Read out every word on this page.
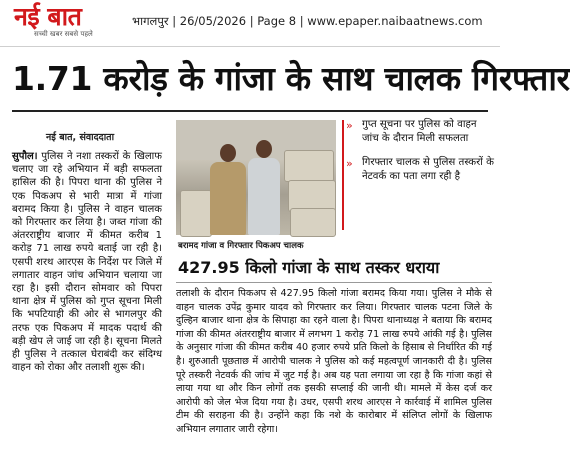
नई बात
सच्ची खबर सबसे पहले
भागलपुर | 26/05/2026 | Page 8 | www.epaper.naibaatnews.com
1.71 करोड़ के गांजा के साथ चालक गिरफ्तार
नई बात, संवाददाता
सुपौल। पुलिस ने नशा तस्करों के खिलाफ चलाए जा रहे अभियान में बड़ी सफलता हासिल की है। पिपरा थाना की पुलिस ने एक पिकअप से भारी मात्रा में गांजा बरामद किया है। पुलिस ने वाहन चालक को गिरफ्तार कर लिया है। जब्त गांजा की अंतरराष्ट्रीय बाजार में कीमत करीब 1 करोड़ 71 लाख रुपये बताई जा रही है। एसपी शरथ आरएस के निर्देश पर जिले में लगातार वाहन जांच अभियान चलाया जा रहा है। इसी दौरान सोमवार को पिपरा थाना क्षेत्र में पुलिस को गुप्त सूचना मिली कि भपटियाही की ओर से भागलपुर की तरफ एक पिकअप में मादक पदार्थ की बड़ी खेप ले जाई जा रही है। सूचना मिलते ही पुलिस ने तत्काल घेराबंदी कर संदिग्ध वाहन को रोका और तलाशी शुरू की।
बरामद गांजा व गिरफ्तार पिकअप चालक
» गुप्त सूचना पर पुलिस को वाहन जांच के दौरान मिली सफलता
» गिरफ्तार चालक से पुलिस तस्करों के नेटवर्क का पता लगा रही है
427.95 किलो गांजा के साथ तस्कर धराया
तलाशी के दौरान पिकअप से 427.95 किलो गांजा बरामद किया गया। पुलिस ने मौके से वाहन चालक उपेंद्र कुमार यादव को गिरफ्तार कर लिया। गिरफ्तार चालक पटना जिले के दुल्हिन बाजार थाना क्षेत्र के सिपाहा का रहने वाला है। पिपरा थानाध्यक्ष ने बताया कि बरामद गांजा की कीमत अंतरराष्ट्रीय बाजार में लगभग 1 करोड़ 71 लाख रुपये आंकी गई है। पुलिस के अनुसार गांजा की कीमत करीब 40 हजार रुपये प्रति किलो के हिसाब से निर्धारित की गई है। शुरुआती पूछताछ में आरोपी चालक ने पुलिस को कई महत्वपूर्ण जानकारी दी है। पुलिस पूरे तस्करी नेटवर्क की जांच में जुट गई है। अब यह पता लगाया जा रहा है कि गांजा कहां से लाया गया था और किन लोगों तक इसकी सप्लाई की जानी थी। मामले में केस दर्ज कर आरोपी को जेल भेज दिया गया है। उधर, एसपी शरथ आरएस ने कार्रवाई में शामिल पुलिस टीम की सराहना की है। उन्होंने कहा कि नशे के कारोबार में संलिप्त लोगों के खिलाफ अभियान लगातार जारी रहेगा।
